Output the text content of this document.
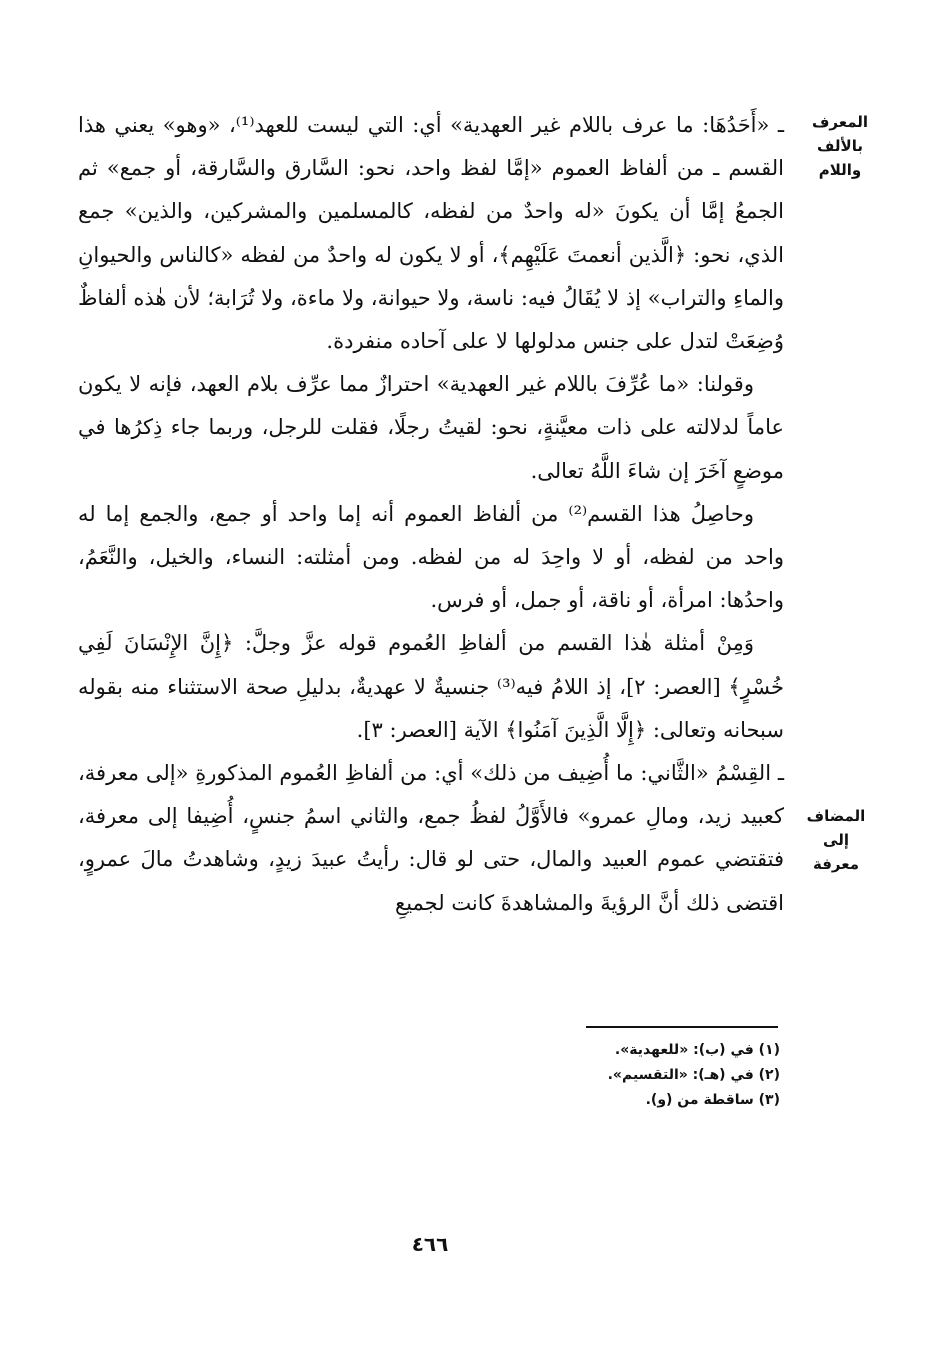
المعرف بالألف
واللام
المضاف إلى
معرفة

ـ «أَحَدُهَا: ما عرف باللام غير العهدية» أي: التي ليست للعهد⁽¹⁾، «وهو» يعني هذا القسم ـ من ألفاظ العموم «إمَّا لفظ واحد، نحو: السَّارق والسَّارقة، أو جمع» ثم الجمعُ إمَّا أن يكونَ «له واحدٌ من لفظه، كالمسلمين والمشركين، والذين» جمع الذي، نحو: ﴿الَّذين أنعمتَ عَلَيْهِم﴾، أو لا يكون له واحدٌ من لفظه «كالناس والحيوانِ والماءِ والتراب» إذ لا يُقَالُ فيه: ناسة، ولا حيوانة، ولا ماءة، ولا تُرَابة؛ لأن هٰذه ألفاظٌ وُضِعَتْ لتدل على جنس مدلولها لا على آحاده منفردة.

وقولنا: «ما عُرِّفَ باللام غير العهدية» احترازٌ مما عرِّف بلام العهد، فإنه لا يكون عاماً لدلالته على ذات معيَّنةٍ، نحو: لقيتُ رجلًا، فقلت للرجل، وربما جاء ذِكرُها في موضعٍ آخَرَ إن شاءَ اللَّهُ تعالى.

وحاصِلُ هذا القسم⁽²⁾ من ألفاظ العموم أنه إما واحد أو جمع، والجمع إما له واحد من لفظه، أو لا واحِدَ له من لفظه. ومن أمثلته: النساء، والخيل، والنَّعَمُ، واحدُها: امرأة، أو ناقة، أو جمل، أو فرس.

وَمِنْ أمثلة هٰذا القسم من ألفاظِ العُموم قوله عزَّ وجلَّ: ﴿إِنَّ الإِنْسَانَ لَفِي خُسْرٍ﴾ [العصر: ٢]، إذ اللامُ فيه⁽³⁾ جنسيةٌ لا عهديةٌ، بدليلِ صحة الاستثناء منه بقوله سبحانه وتعالى: ﴿إِلَّا الَّذِينَ آمَنُوا﴾ الآية [العصر: ٣].

ـ القِسْمُ «الثَّاني: ما أُضِيف من ذلك» أي: من ألفاظِ العُموم المذكورةِ «إلى معرفة، كعبيد زيد، ومالِ عمرو» فالأَوَّلُ لفظُ جمع، والثاني اسمُ جنسٍ، أُضِيفا إلى معرفة، فتقتضي عموم العبيد والمال، حتى لو قال: رأيتُ عبيدَ زيدٍ، وشاهدتُ مالَ عمروٍ، اقتضى ذلك أنَّ الرؤيةَ والمشاهدةَ كانت لجميعِ

(١) في (ب): «للعهدية».
(٢) في (هـ): «التقسيم».
(٣) ساقطة من (و).
٤٦٦
